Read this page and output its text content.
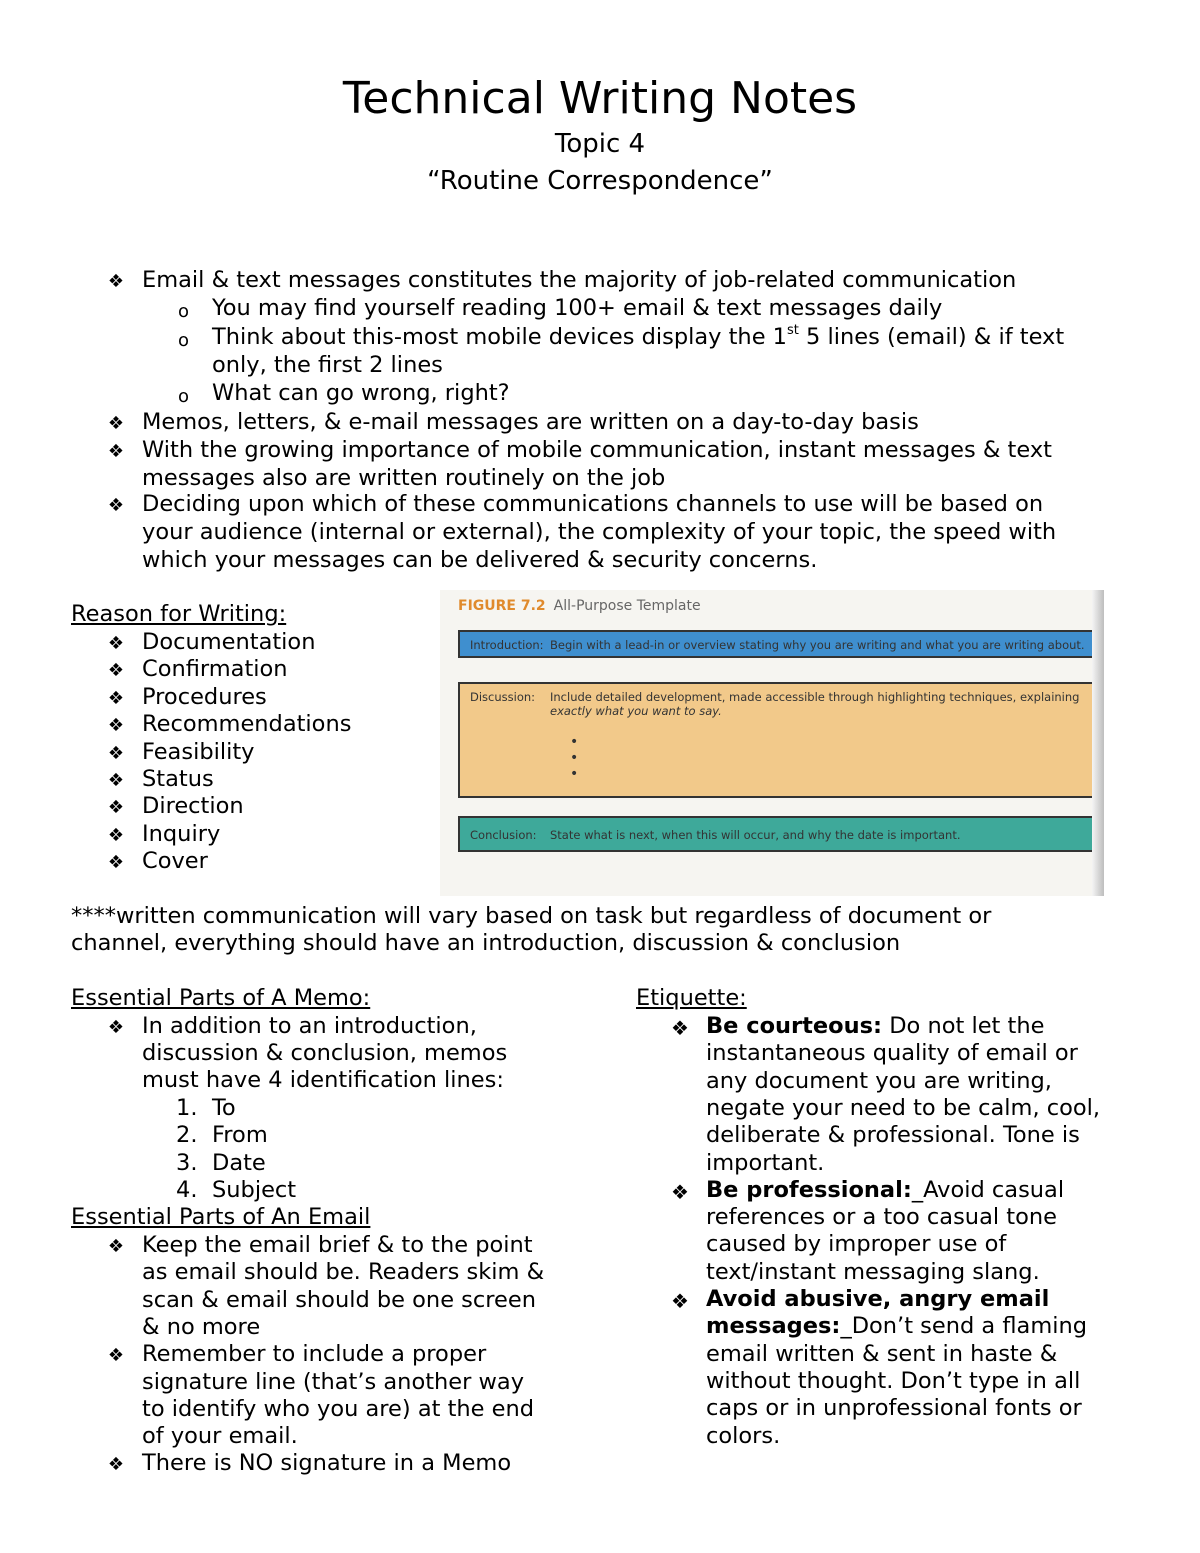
Technical Writing Notes
Topic 4
“Routine Correspondence”
❖ Email & text messages constitutes the majority of job-related communication
o You may find yourself reading 100+ email & text messages daily
o Think about this-most mobile devices display the 1st 5 lines (email) & if text
only, the first 2 lines
o What can go wrong, right?
❖ Memos, letters, & e-mail messages are written on a day-to-day basis
❖ With the growing importance of mobile communication, instant messages & text
messages also are written routinely on the job
❖ Deciding upon which of these communications channels to use will be based on
your audience (internal or external), the complexity of your topic, the speed with
which your messages can be delivered & security concerns.
Reason for Writing:
❖ Documentation
❖ Confirmation
❖ Procedures
❖ Recommendations
❖ Feasibility
❖ Status
❖ Direction
❖ Inquiry
❖ Cover
FIGURE 7.2 All-Purpose Template
Introduction: Begin with a lead-in or overview stating why you are writing and what you are writing about.
Discussion: Include detailed development, made accessible through highlighting techniques, explaining
exactly what you want to say.
•
•
•
Conclusion: State what is next, when this will occur, and why the date is important.
****written communication will vary based on task but regardless of document or
channel, everything should have an introduction, discussion & conclusion
Essential Parts of A Memo:
❖ In addition to an introduction,
discussion & conclusion, memos
must have 4 identification lines:
1. To
2. From
3. Date
4. Subject
Essential Parts of An Email
❖ Keep the email brief & to the point
as email should be. Readers skim &
scan & email should be one screen
& no more
❖ Remember to include a proper
signature line (that’s another way
to identify who you are) at the end
of your email.
❖ There is NO signature in a Memo
Etiquette:
❖ Be courteous: Do not let the
instantaneous quality of email or
any document you are writing,
negate your need to be calm, cool,
deliberate & professional. Tone is
important.
❖ Be professional:_Avoid casual
references or a too casual tone
caused by improper use of
text/instant messaging slang.
❖ Avoid abusive, angry email
messages:_Don’t send a flaming
email written & sent in haste &
without thought. Don’t type in all
caps or in unprofessional fonts or
colors.
